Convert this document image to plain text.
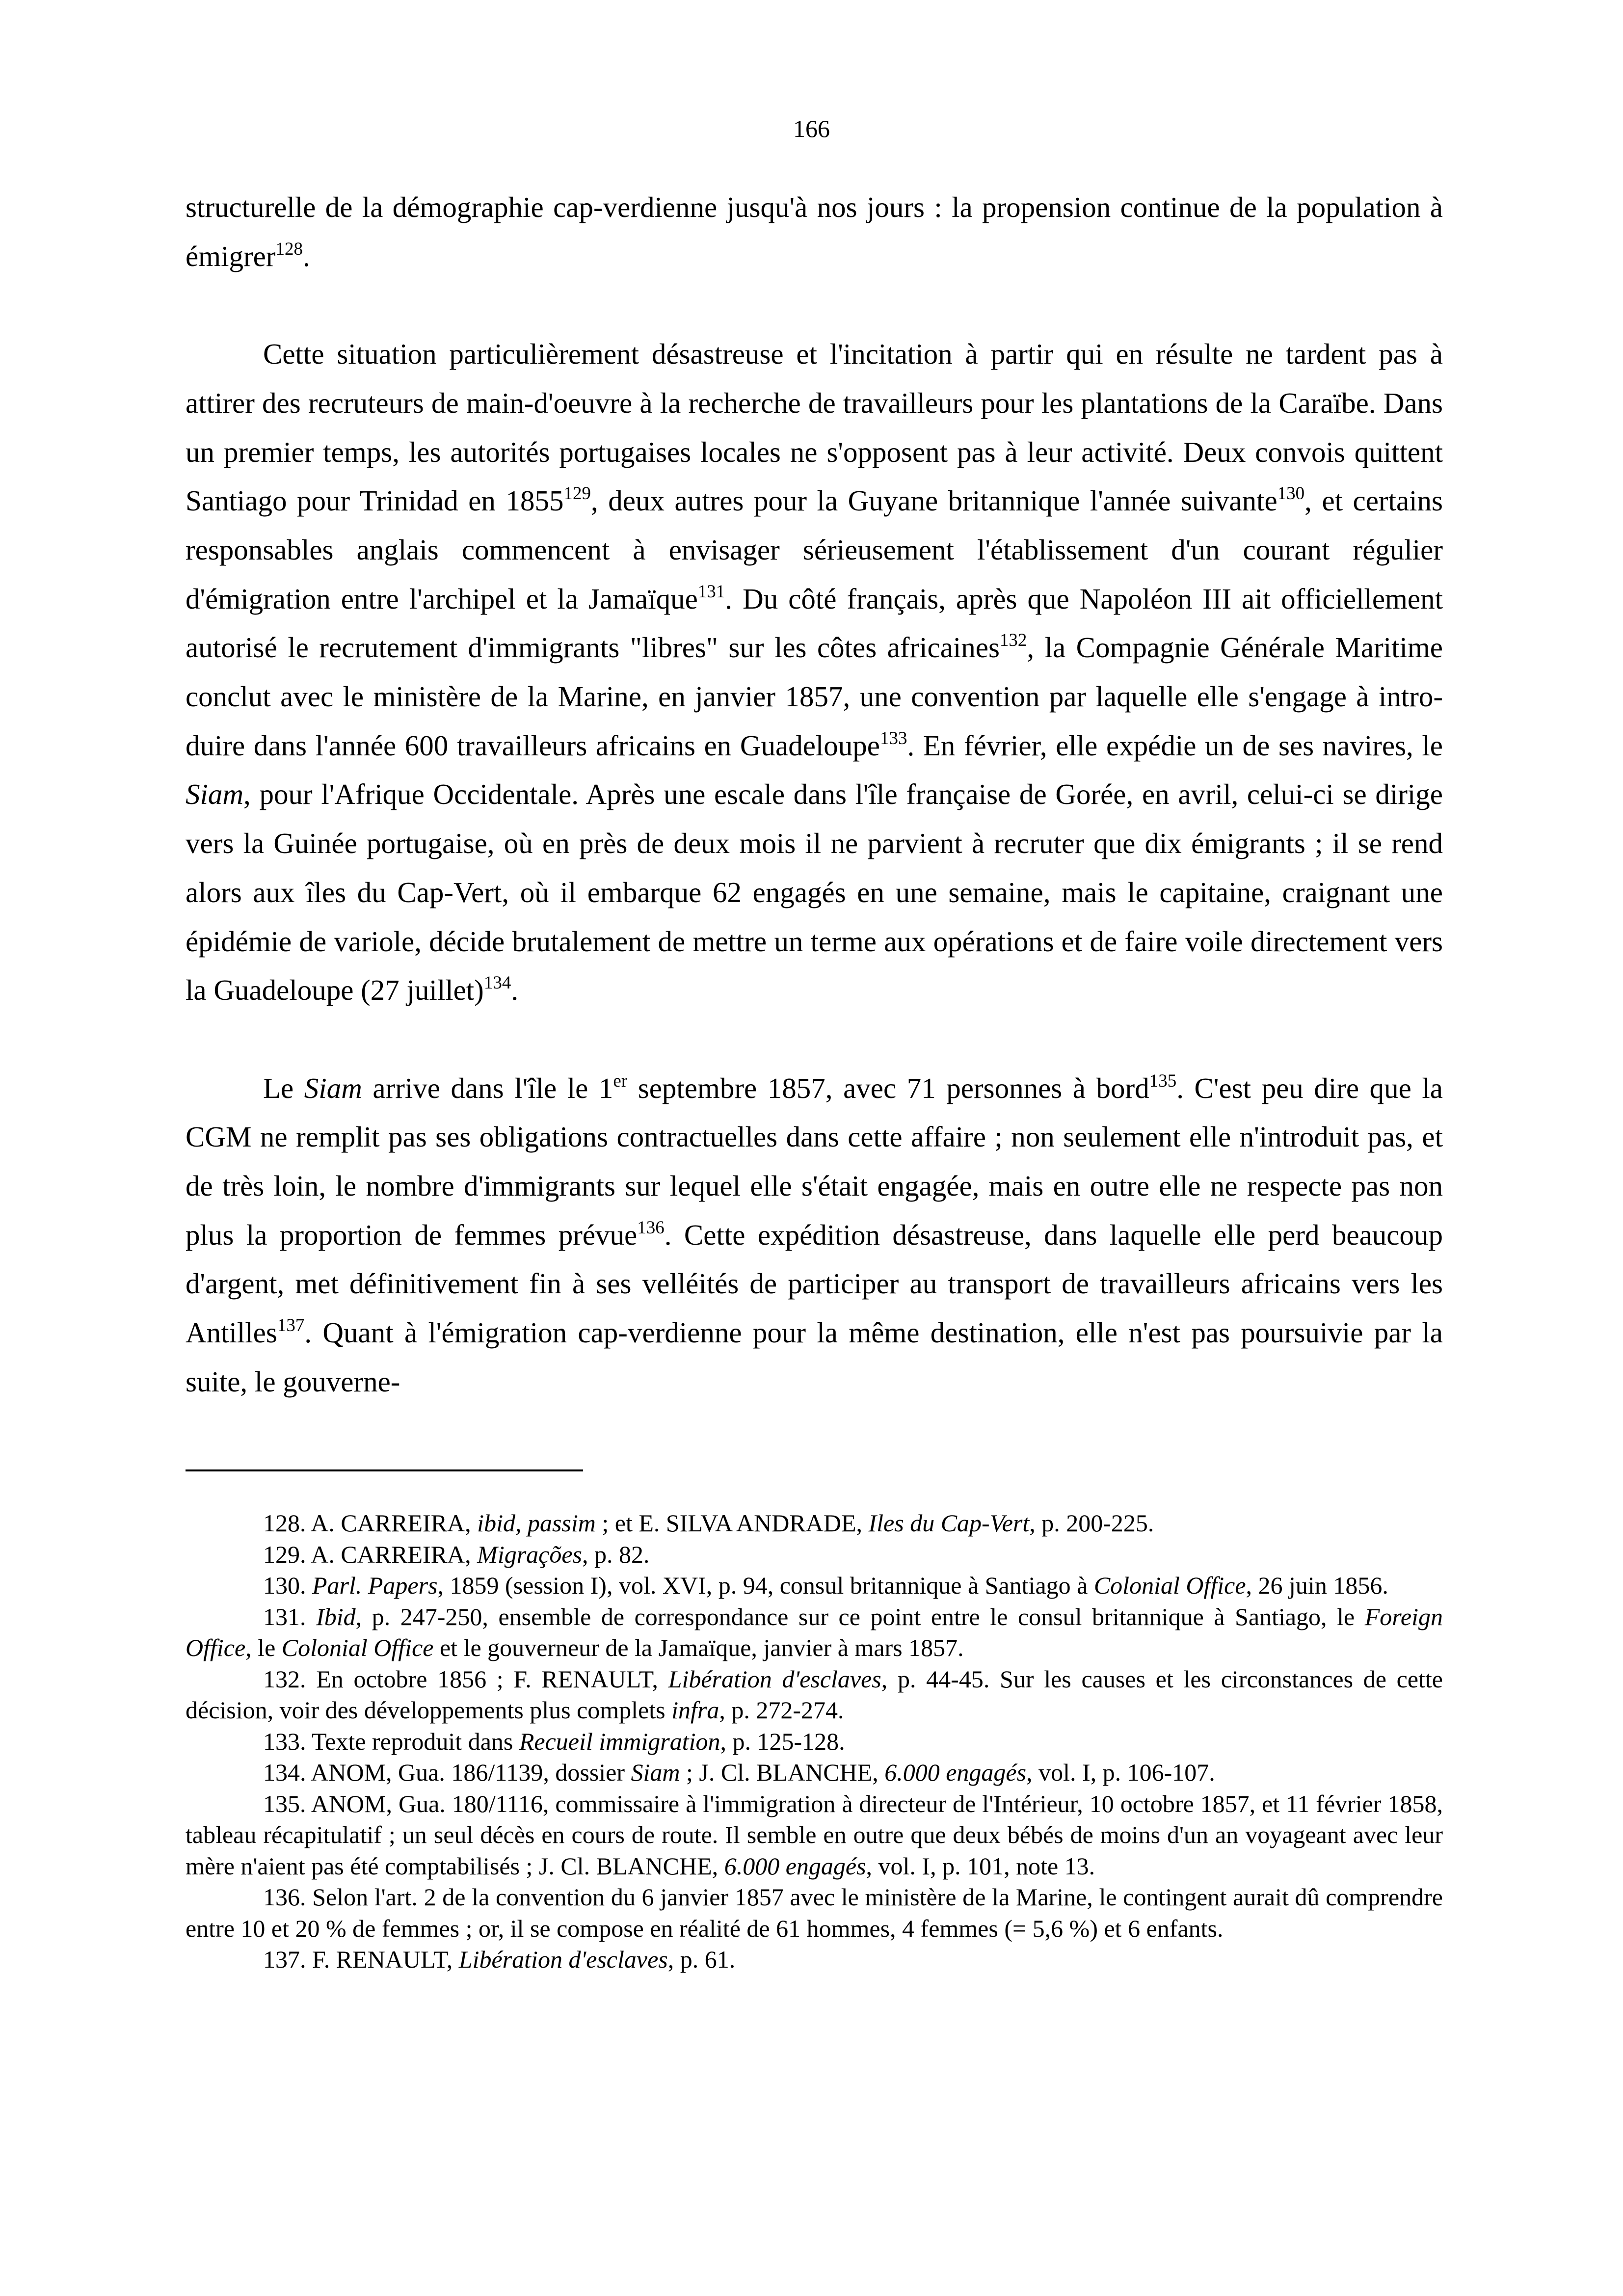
166

structurelle de la démographie cap-verdienne jusqu'à nos jours : la propension continue de la population à émigrer$^{128}$.

Cette situation particulièrement désastreuse et l'incitation à partir qui en résulte ne tardent pas à attirer des recruteurs de main-d'oeuvre à la recherche de travailleurs pour les plantations de la Caraïbe. Dans un premier temps, les autorités portugaises locales ne s'opposent pas à leur activité. Deux convois quittent Santiago pour Trinidad en 1855$^{129}$, deux autres pour la Guyane britannique l'année suivante$^{130}$, et certains responsables anglais commencent à envisager sérieusement l'établissement d'un courant régulier d'émigration entre l'archipel et la Jamaïque$^{131}$. Du côté français, après que Napoléon III ait officiellement autorisé le recrutement d'immigrants "libres" sur les côtes africaines$^{132}$, la Compagnie Générale Maritime conclut avec le ministère de la Marine, en janvier 1857, une convention par laquelle elle s'engage à introduire dans l'année 600 travailleurs africains en Guadeloupe$^{133}$. En février, elle expédie un de ses navires, le Siam, pour l'Afrique Occidentale. Après une escale dans l'île française de Gorée, en avril, celui-ci se dirige vers la Guinée portugaise, où en près de deux mois il ne parvient à recruter que dix émigrants ; il se rend alors aux îles du Cap-Vert, où il embarque 62 engagés en une semaine, mais le capitaine, craignant une épidémie de variole, décide brutalement de mettre un terme aux opérations et de faire voile directement vers la Guadeloupe (27 juillet)$^{134}$.

Le Siam arrive dans l'île le 1er septembre 1857, avec 71 personnes à bord$^{135}$. C'est peu dire que la CGM ne remplit pas ses obligations contractuelles dans cette affaire ; non seulement elle n'introduit pas, et de très loin, le nombre d'immigrants sur lequel elle s'était engagée, mais en outre elle ne respecte pas non plus la proportion de femmes prévue$^{136}$. Cette expédition désastreuse, dans laquelle elle perd beaucoup d'argent, met définitivement fin à ses velléités de participer au transport de travailleurs africains vers les Antilles$^{137}$. Quant à l'émigration cap-verdienne pour la même destination, elle n'est pas poursuivie par la suite, le gouverne-

128. A. CARREIRA, ibid, passim ; et E. SILVA ANDRADE, Iles du Cap-Vert, p. 200-225.

129. A. CARREIRA, Migrações, p. 82.

130. Parl. Papers, 1859 (session I), vol. XVI, p. 94, consul britannique à Santiago à Colonial Office, 26 juin 1856.

131. Ibid, p. 247-250, ensemble de correspondance sur ce point entre le consul britannique à Santiago, le Foreign Office, le Colonial Office et le gouverneur de la Jamaïque, janvier à mars 1857.

132. En octobre 1856 ; F. RENAULT, Libération d'esclaves, p. 44-45. Sur les causes et les circonstances de cette décision, voir des développements plus complets infra, p. 272-274.

133. Texte reproduit dans Recueil immigration, p. 125-128.

134. ANOM, Gua. 186/1139, dossier Siam ; J. Cl. BLANCHE, 6.000 engagés, vol. I, p. 106-107.

135. ANOM, Gua. 180/1116, commissaire à l'immigration à directeur de l'Intérieur, 10 octobre 1857, et 11 février 1858, tableau récapitulatif ; un seul décès en cours de route. Il semble en outre que deux bébés de moins d'un an voyageant avec leur mère n'aient pas été comptabilisés ; J. Cl. BLANCHE, 6.000 engagés, vol. I, p. 101, note 13.

136. Selon l'art. 2 de la convention du 6 janvier 1857 avec le ministère de la Marine, le contingent aurait dû comprendre entre 10 et 20 % de femmes ; or, il se compose en réalité de 61 hommes, 4 femmes (= 5,6 %) et 6 enfants.

137. F. RENAULT, Libération d'esclaves, p. 61.
